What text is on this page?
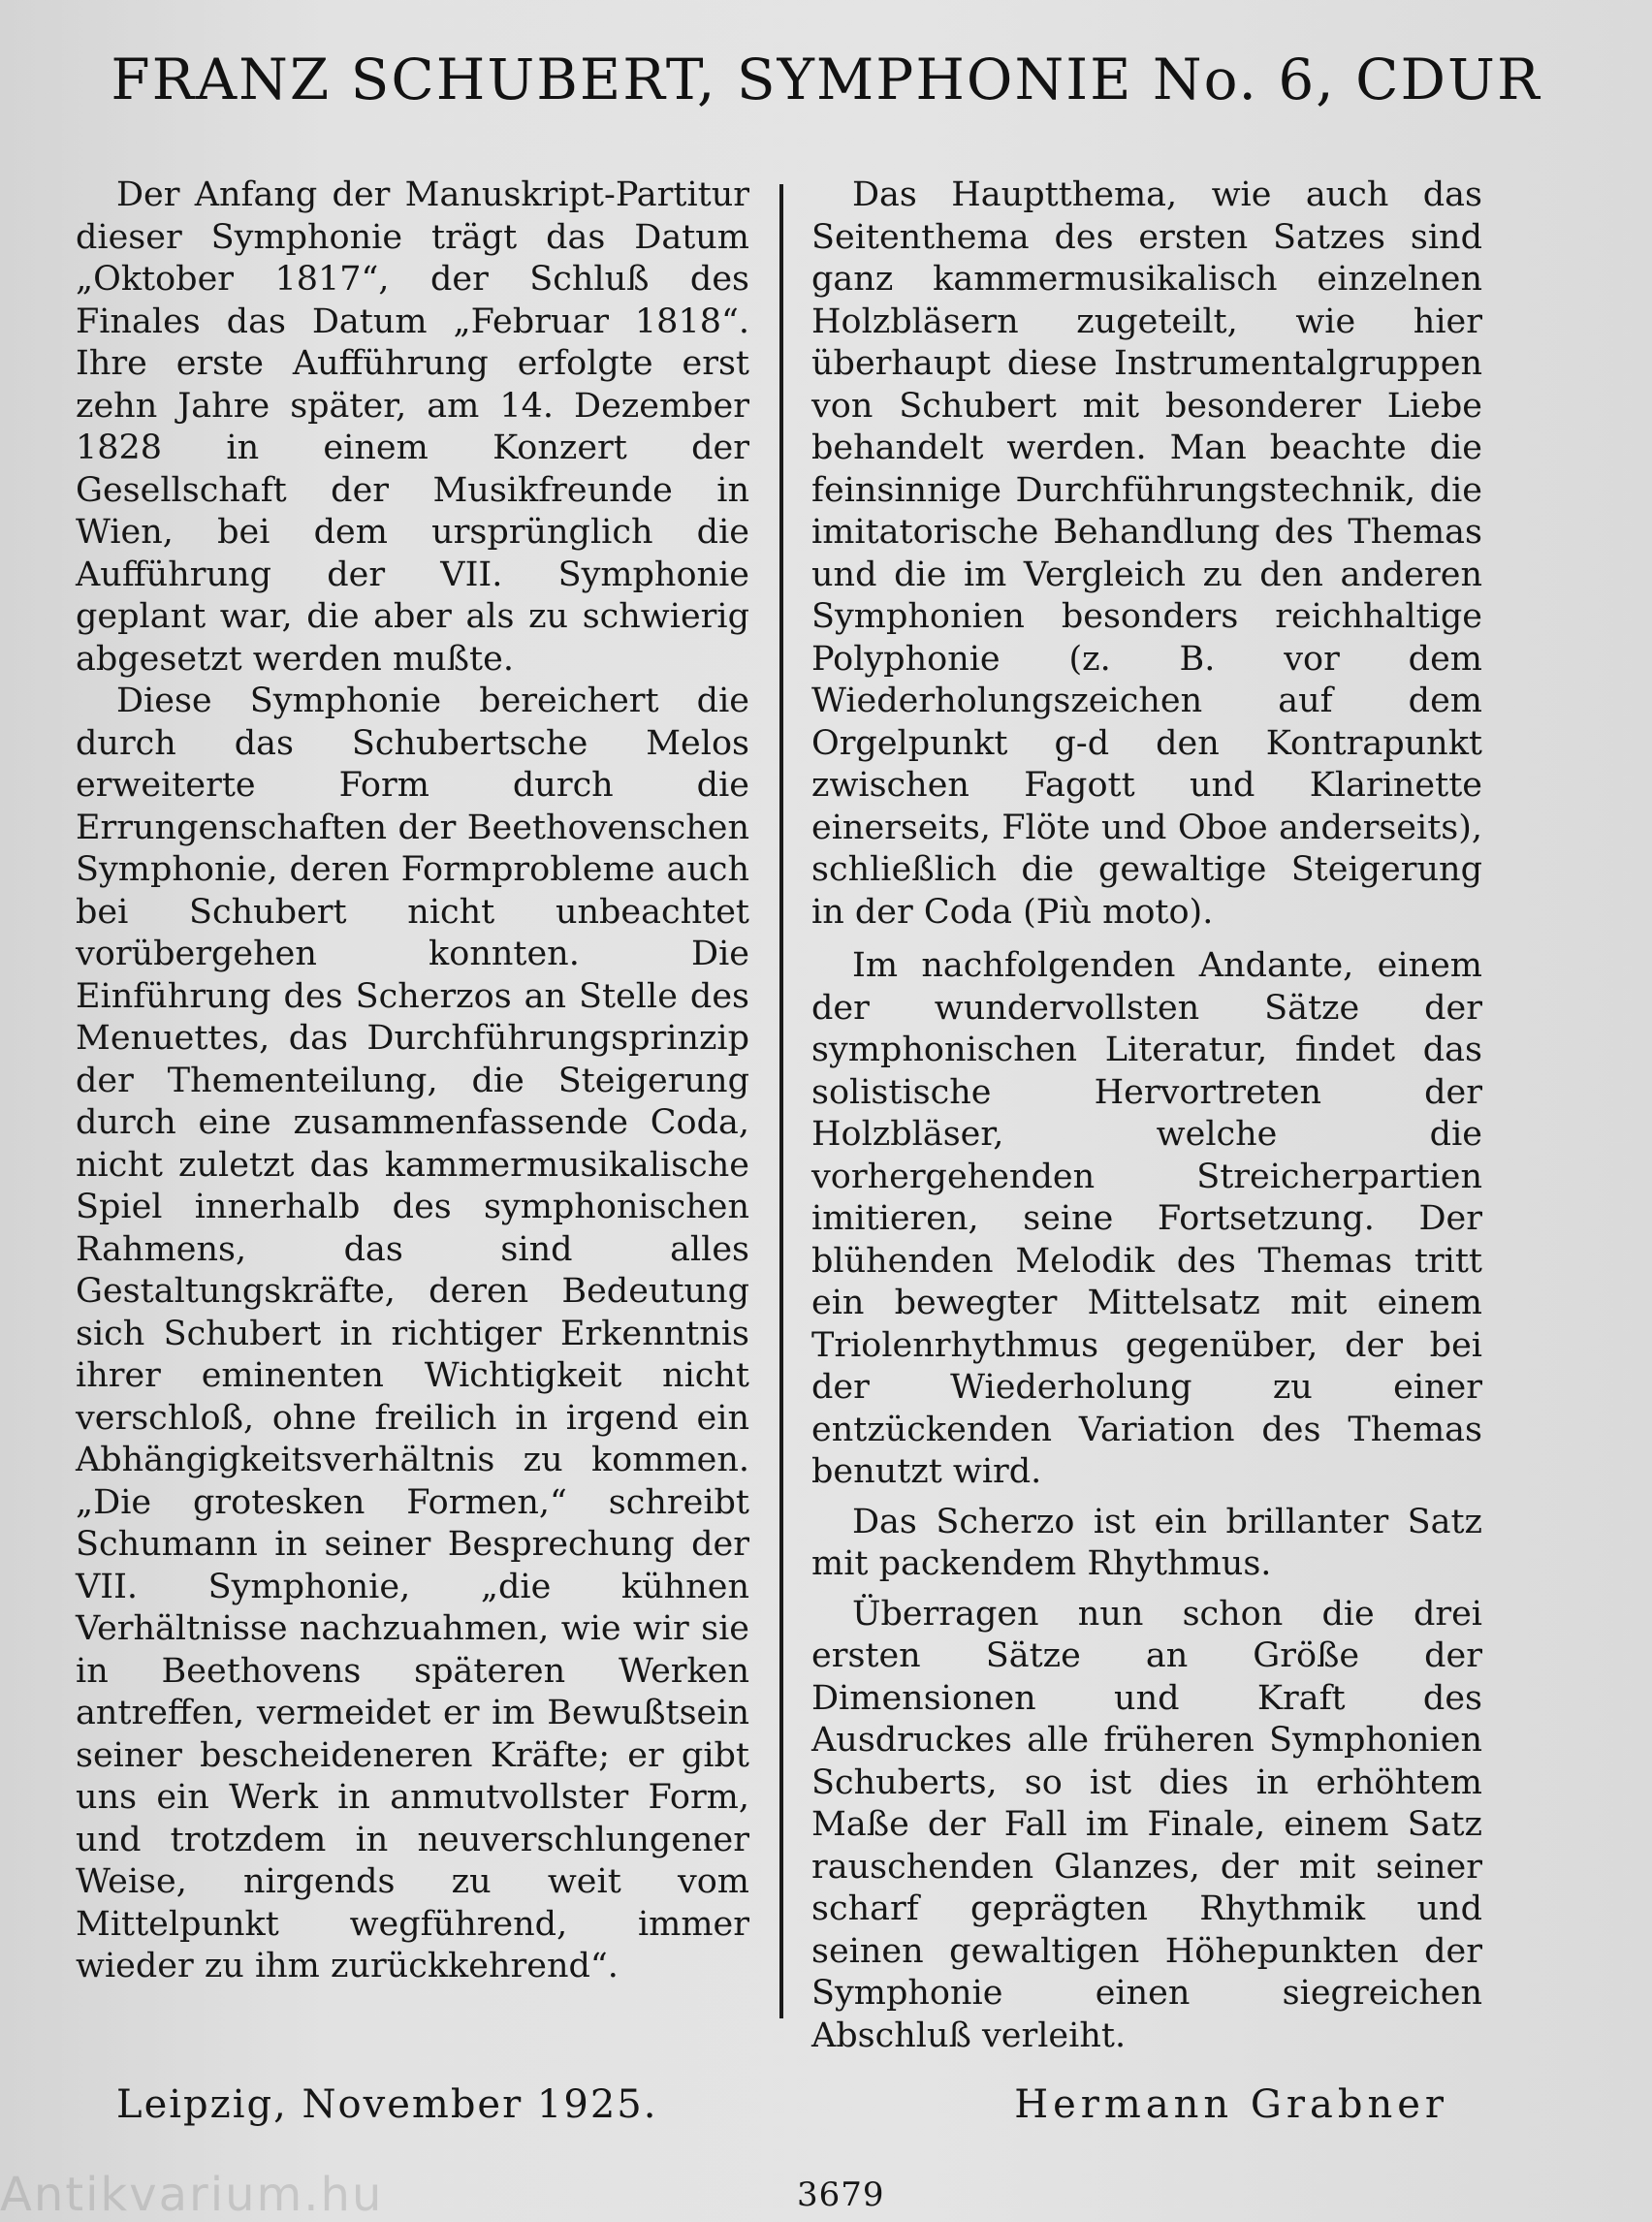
FRANZ SCHUBERT, SYMPHONIE No. 6, CDUR

Der Anfang der Manuskript-Partitur dieser Symphonie trägt das Datum „Oktober 1817“, der Schluß des Finales das Datum „Februar 1818“. Ihre erste Aufführung erfolgte erst zehn Jahre später, am 14. Dezember 1828 in einem Konzert der Gesellschaft der Musikfreunde in Wien, bei dem ursprünglich die Aufführung der VII. Symphonie geplant war, die aber als zu schwierig abgesetzt werden mußte.

Diese Symphonie bereichert die durch das Schubertsche Melos erweiterte Form durch die Errungenschaften der Beethovenschen Symphonie, deren Formprobleme auch bei Schubert nicht unbeachtet vorübergehen konnten. Die Einführung des Scherzos an Stelle des Menuettes, das Durchführungsprinzip der Thementeilung, die Steigerung durch eine zusammenfassende Coda, nicht zuletzt das kammermusikalische Spiel innerhalb des symphonischen Rahmens, das sind alles Gestaltungskräfte, deren Bedeutung sich Schubert in richtiger Erkenntnis ihrer eminenten Wichtigkeit nicht verschloß, ohne freilich in irgend ein Abhängigkeitsverhältnis zu kommen. „Die grotesken Formen,“ schreibt Schumann in seiner Besprechung der VII. Symphonie, „die kühnen Verhältnisse nachzuahmen, wie wir sie in Beethovens späteren Werken antreffen, vermeidet er im Bewußtsein seiner bescheideneren Kräfte; er gibt uns ein Werk in anmutvollster Form, und trotzdem in neuverschlungener Weise, nirgends zu weit vom Mittelpunkt wegführend, immer wieder zu ihm zurückkehrend“.

Das Hauptthema, wie auch das Seitenthema des ersten Satzes sind ganz kammermusikalisch einzelnen Holzbläsern zugeteilt, wie hier überhaupt diese Instrumentalgruppen von Schubert mit besonderer Liebe behandelt werden. Man beachte die feinsinnige Durchführungstechnik, die imitatorische Behandlung des Themas und die im Vergleich zu den anderen Symphonien besonders reichhaltige Polyphonie (z. B. vor dem Wiederholungszeichen auf dem Orgelpunkt g-d den Kontrapunkt zwischen Fagott und Klarinette einerseits, Flöte und Oboe anderseits), schließlich die gewaltige Steigerung in der Coda (Più moto).

Im nachfolgenden Andante, einem der wundervollsten Sätze der symphonischen Literatur, findet das solistische Hervortreten der Holzbläser, welche die vorhergehenden Streicherpartien imitieren, seine Fortsetzung. Der blühenden Melodik des Themas tritt ein bewegter Mittelsatz mit einem Triolenrhythmus gegenüber, der bei der Wiederholung zu einer entzückenden Variation des Themas benutzt wird.

Das Scherzo ist ein brillanter Satz mit packendem Rhythmus.

Überragen nun schon die drei ersten Sätze an Größe der Dimensionen und Kraft des Ausdruckes alle früheren Symphonien Schuberts, so ist dies in erhöhtem Maße der Fall im Finale, einem Satz rauschenden Glanzes, der mit seiner scharf geprägten Rhythmik und seinen gewaltigen Höhepunkten der Symphonie einen siegreichen Abschluß verleiht.

Leipzig, November 1925.	Hermann Grabner

Antikvarium.hu	3679
